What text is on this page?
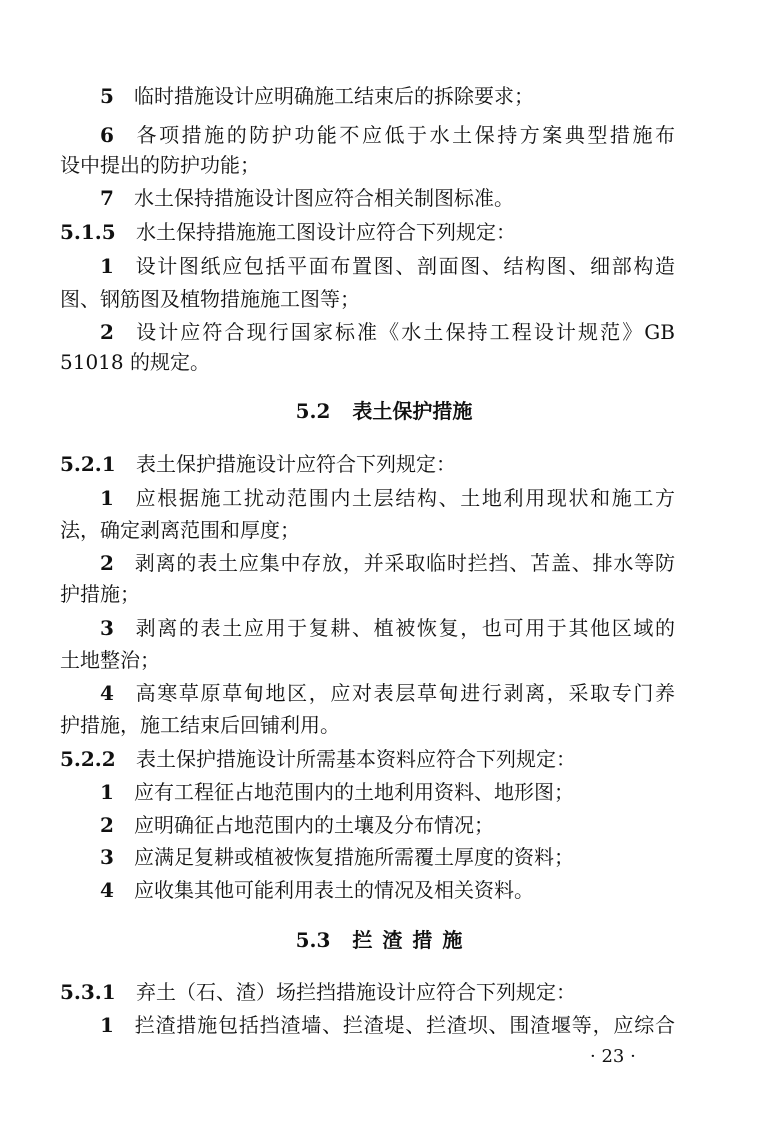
5 临时措施设计应明确施工结束后的拆除要求；
6 各项措施的防护功能不应低于水土保持方案典型措施布
设中提出的防护功能；
7 水土保持措施设计图应符合相关制图标准。
5.1.5 水土保持措施施工图设计应符合下列规定：
1 设计图纸应包括平面布置图、剖面图、结构图、细部构造
图、钢筋图及植物措施施工图等；
2 设计应符合现行国家标准《水土保持工程设计规范》GB
51018 的规定。
5.2 表土保护措施
5.2.1 表土保护措施设计应符合下列规定：
1 应根据施工扰动范围内土层结构、土地利用现状和施工方
法，确定剥离范围和厚度；
2 剥离的表土应集中存放，并采取临时拦挡、苫盖、排水等防
护措施；
3 剥离的表土应用于复耕、植被恢复，也可用于其他区域的
土地整治；
4 高寒草原草甸地区，应对表层草甸进行剥离，采取专门养
护措施，施工结束后回铺利用。
5.2.2 表土保护措施设计所需基本资料应符合下列规定：
1 应有工程征占地范围内的土地利用资料、地形图；
2 应明确征占地范围内的土壤及分布情况；
3 应满足复耕或植被恢复措施所需覆土厚度的资料；
4 应收集其他可能利用表土的情况及相关资料。
5.3 拦渣措施
5.3.1 弃土（石、渣）场拦挡措施设计应符合下列规定：
1 拦渣措施包括挡渣墙、拦渣堤、拦渣坝、围渣堰等，应综合
· 23 ·
